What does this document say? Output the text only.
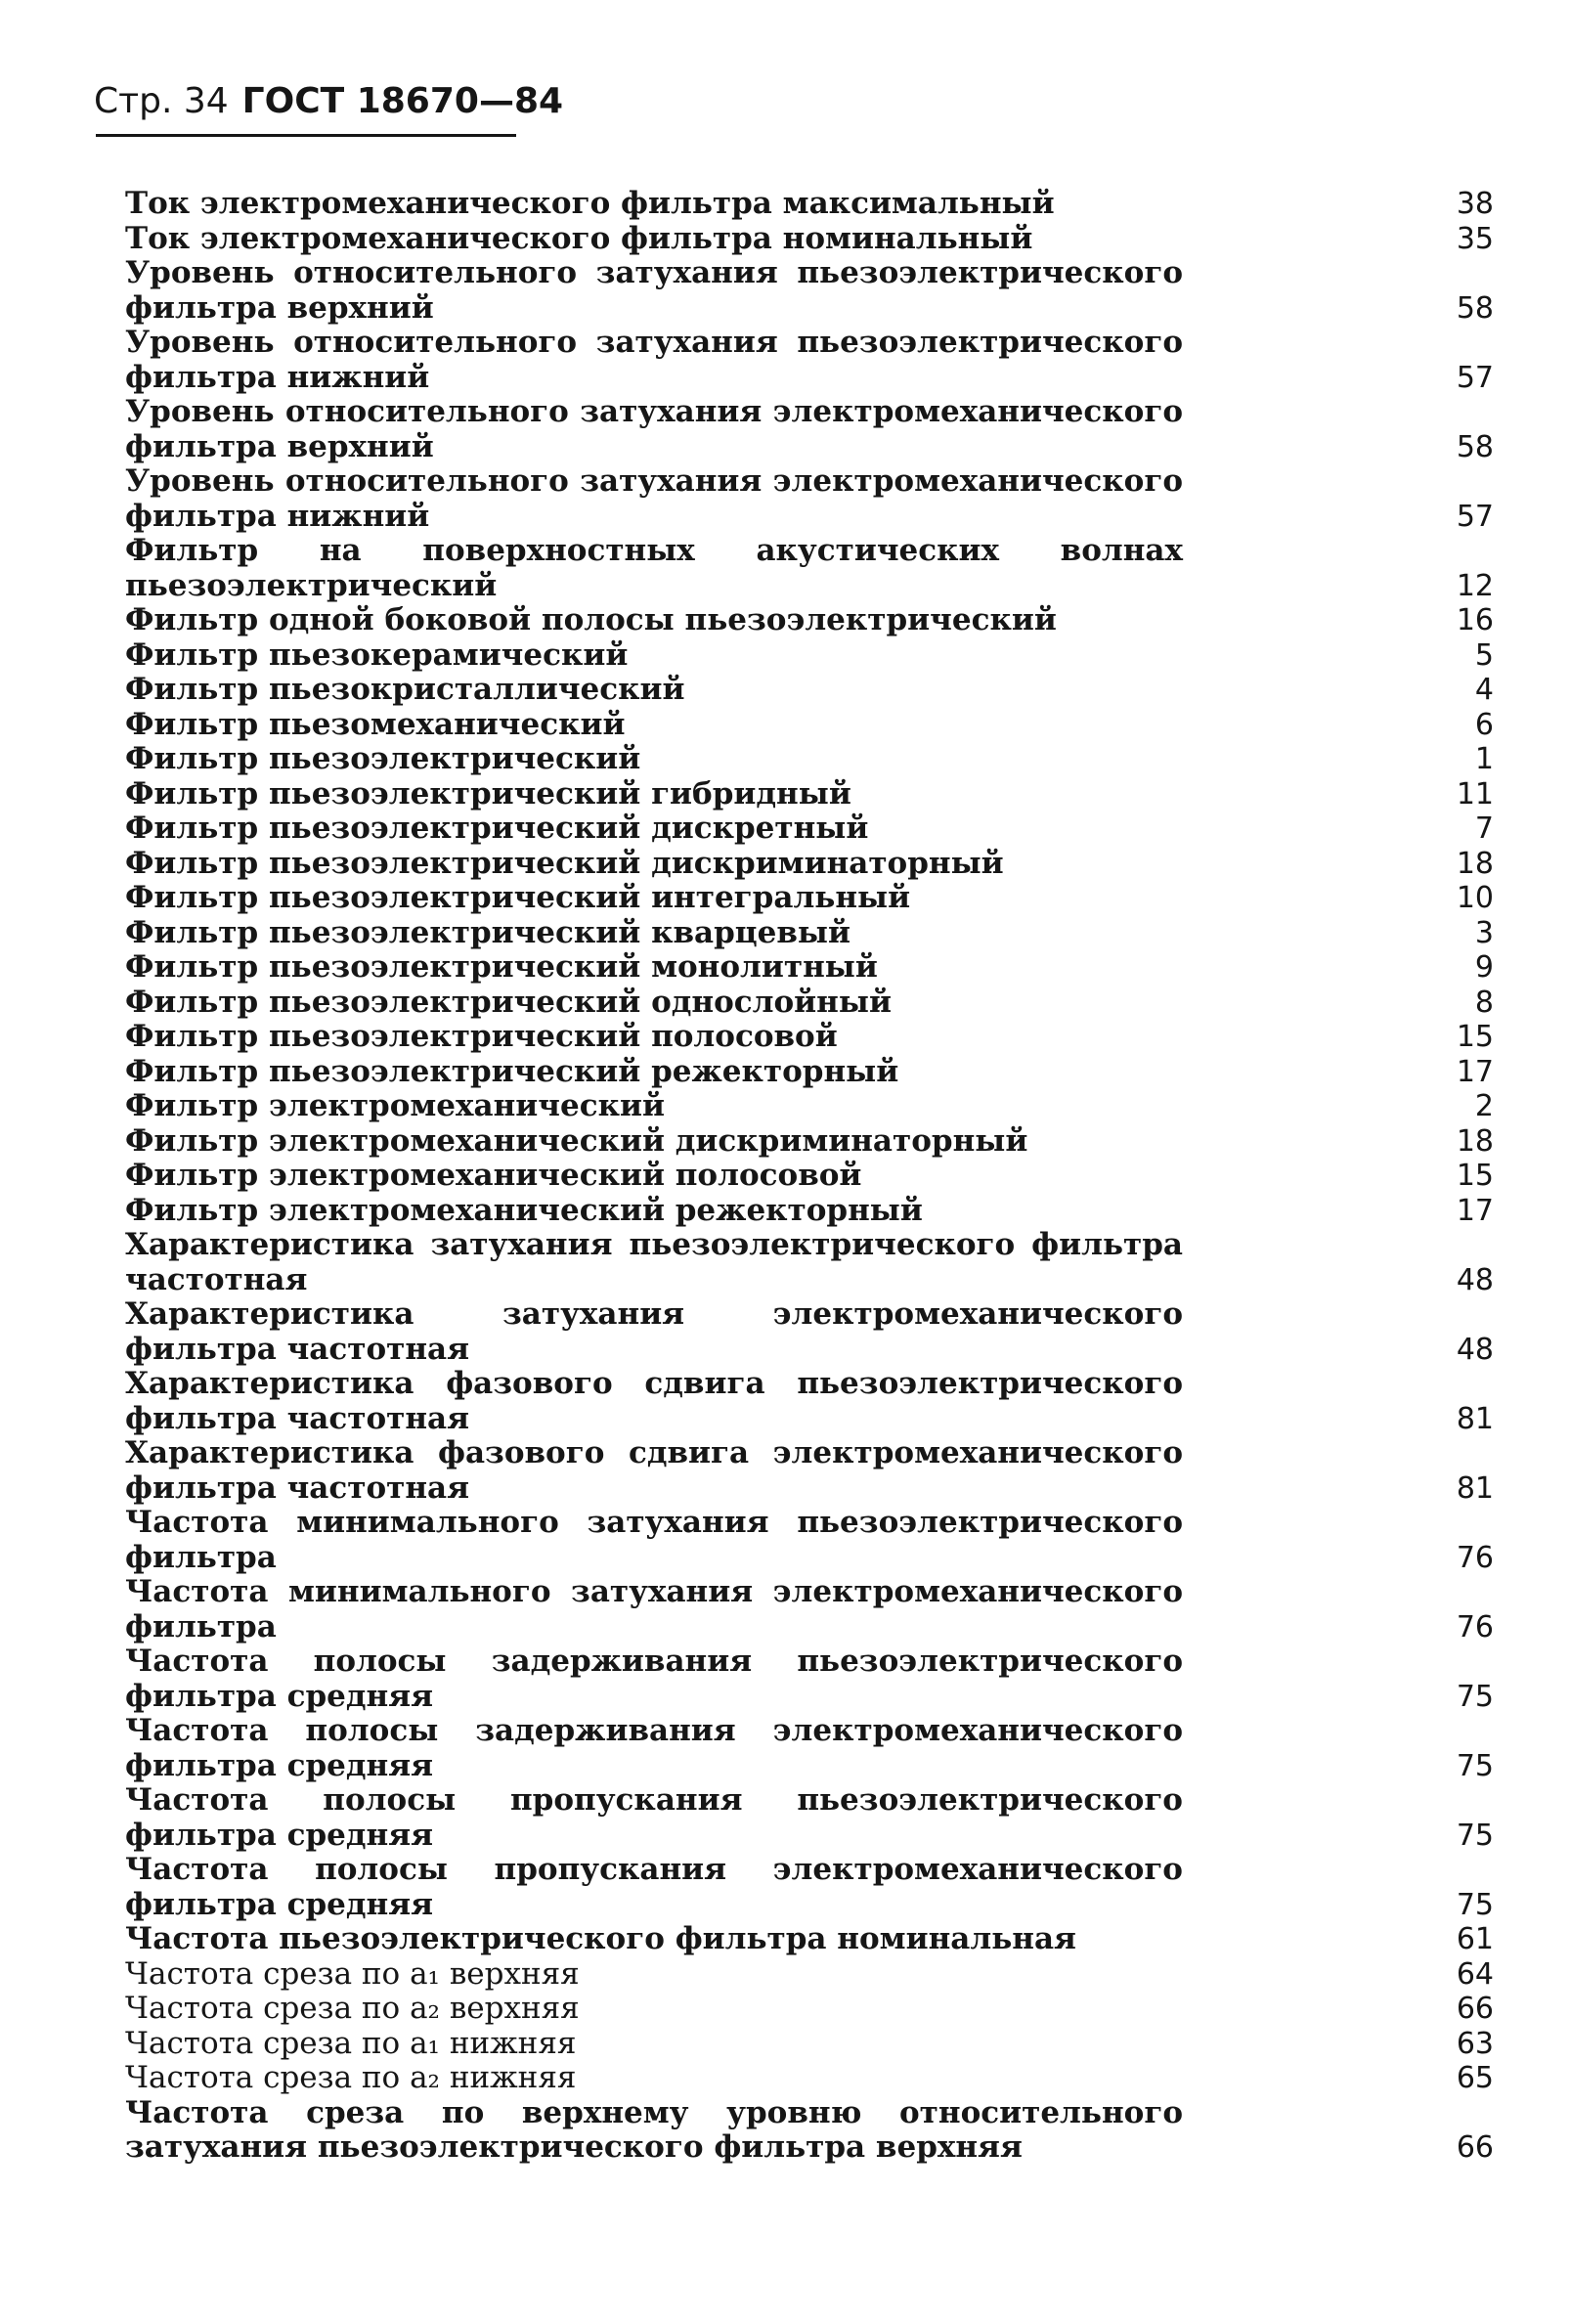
Стр. 34 ГОСТ 18670—84
Ток электромеханического фильтра максимальный	38
Ток электромеханического фильтра номинальный	35
Уровень относительного затухания пьезоэлектрического фильтра верхний	58
Уровень относительного затухания пьезоэлектрического фильтра нижний	57
Уровень относительного затухания электромеханического фильтра верхний	58
Уровень относительного затухания электромеханического фильтра нижний	57
Фильтр на поверхностных акустических волнах пьезоэлектрический	12
Фильтр одной боковой полосы пьезоэлектрический	16
Фильтр пьезокерамический	5
Фильтр пьезокристаллический	4
Фильтр пьезомеханический	6
Фильтр пьезоэлектрический	1
Фильтр пьезоэлектрический гибридный	11
Фильтр пьезоэлектрический дискретный	7
Фильтр пьезоэлектрический дискриминаторный	18
Фильтр пьезоэлектрический интегральный	10
Фильтр пьезоэлектрический кварцевый	3
Фильтр пьезоэлектрический монолитный	9
Фильтр пьезоэлектрический однослойный	8
Фильтр пьезоэлектрический полосовой	15
Фильтр пьезоэлектрический режекторный	17
Фильтр электромеханический	2
Фильтр электромеханический дискриминаторный	18
Фильтр электромеханический полосовой	15
Фильтр электромеханический режекторный	17
Характеристика затухания пьезоэлектрического фильтра частотная	48
Характеристика затухания электромеханического фильтра частотная	48
Характеристика фазового сдвига пьезоэлектрического фильтра частотная	81
Характеристика фазового сдвига электромеханического фильтра частотная	81
Частота минимального затухания пьезоэлектрического фильтра	76
Частота минимального затухания электромеханического фильтра	76
Частота полосы задерживания пьезоэлектрического фильтра средняя	75
Частота полосы задерживания электромеханического фильтра средняя	75
Частота полосы пропускания пьезоэлектрического фильтра средняя	75
Частота полосы пропускания электромеханического фильтра средняя	75
Частота пьезоэлектрического фильтра номинальная	61
Частота среза по a₁ верхняя	64
Частота среза по a₂ верхняя	66
Частота среза по a₁ нижняя	63
Частота среза по a₂ нижняя	65
Частота среза по верхнему уровню относительного затухания пьезоэлектрического фильтра верхняя	66
